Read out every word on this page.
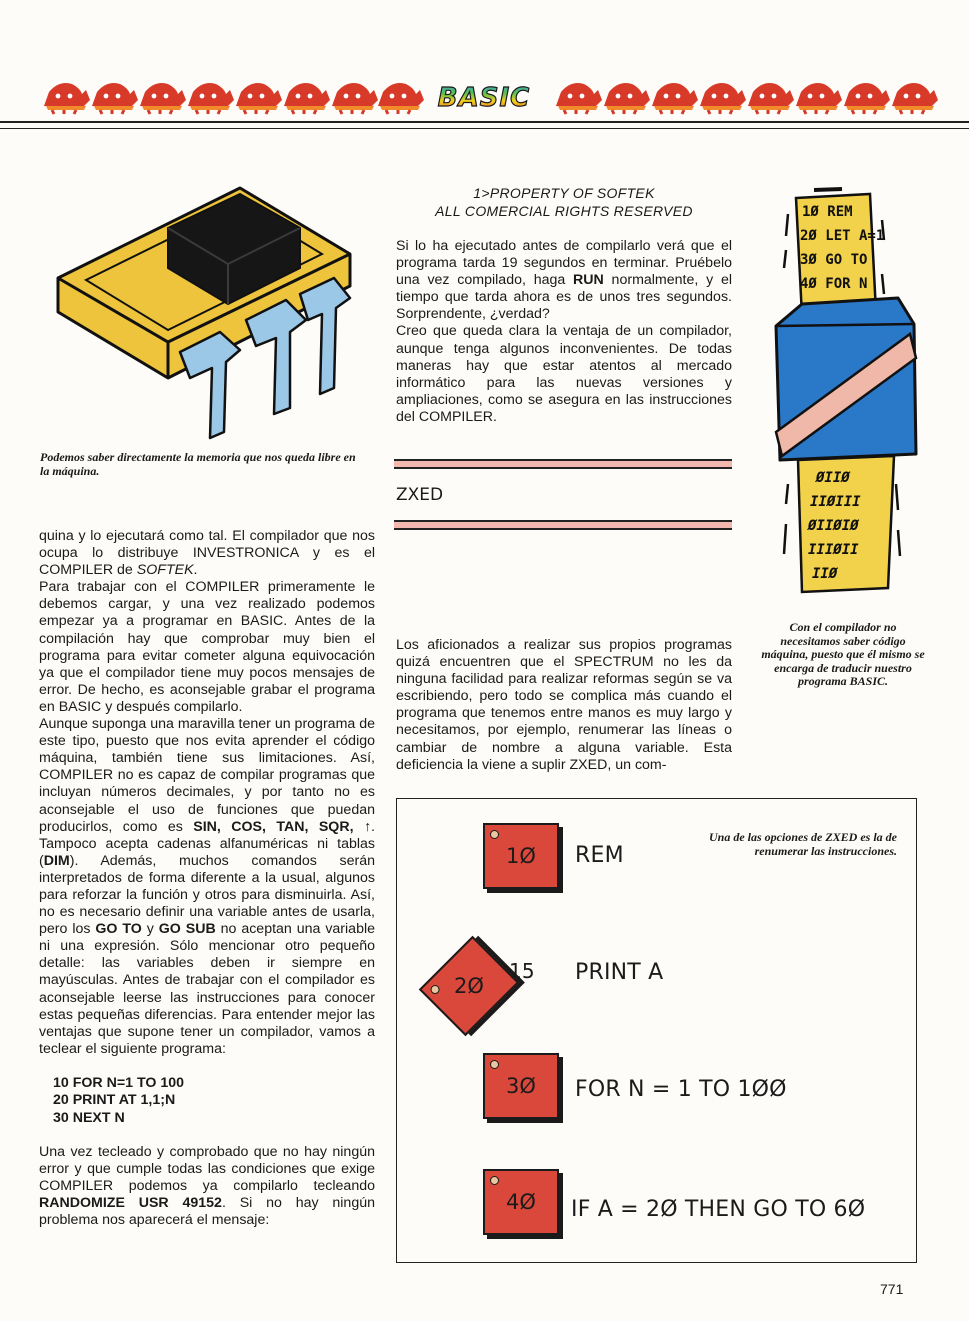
BASIC
Podemos saber directamente la memoria que nos queda libre en la máquina.

quina y lo ejecutará como tal. El compilador que nos ocupa lo distribuye INVESTRONICA y es el COMPILER de SOFTEK.

Para trabajar con el COMPILER primeramente le debemos cargar, y una vez realizado podemos empezar ya a programar en BASIC. Antes de la compilación hay que comprobar muy bien el programa para evitar cometer alguna equivocación ya que el compilador tiene muy pocos mensajes de error. De hecho, es aconsejable grabar el programa en BASIC y después compilarlo.

Aunque suponga una maravilla tener un programa de este tipo, puesto que nos evita aprender el código máquina, también tiene sus limitaciones. Así, COMPILER no es capaz de compilar programas que incluyan números decimales, y por tanto no es aconsejable el uso de funciones que puedan producirlos, como es SIN, COS, TAN, SQR, ↑. Tampoco acepta cadenas alfanuméricas ni tablas (DIM). Además, muchos comandos serán interpretados de forma diferente a la usual, algunos para reforzar la función y otros para disminuirla. Así, no es necesario definir una variable antes de usarla, pero los GO TO y GO SUB no aceptan una variable ni una expresión. Sólo mencionar otro pequeño detalle: las variables deben ir siempre en mayúsculas. Antes de trabajar con el compilador es aconsejable leerse las instrucciones para conocer estas pequeñas diferencias. Para entender mejor las ventajas que supone tener un compilador, vamos a teclear el siguiente programa:

10 FOR N=1 TO 100
20 PRINT AT 1,1;N
30 NEXT N

Una vez tecleado y comprobado que no hay ningún error y que cumple todas las condiciones que exige COMPILER podemos ya compilarlo tecleando RANDOMIZE USR 49152. Si no hay ningún problema nos aparecerá el mensaje:

1>PROPERTY OF SOFTEK
ALL COMERCIAL RIGHTS RESERVED

Si lo ha ejecutado antes de compilarlo verá que el programa tarda 19 segundos en terminar. Pruébelo una vez compilado, haga RUN normalmente, y el tiempo que tarda ahora es de unos tres segundos. Sorprendente, ¿verdad?

Creo que queda clara la ventaja de un compilador, aunque tenga algunos inconvenientes. De todas maneras hay que estar atentos al mercado informático para las nuevas versiones y ampliaciones, como se asegura en las instrucciones del COMPILER.

ZXED

Los aficionados a realizar sus propios programas quizá encuentren que el SPECTRUM no les da ninguna facilidad para realizar reformas según se va escribiendo, pero todo se complica más cuando el programa que tenemos entre manos es muy largo y necesitamos, por ejemplo, renumerar las líneas o cambiar de nombre a alguna variable. Esta deficiencia la viene a suplir ZXED, un com-

1Ø REM
2Ø LET A=1
3Ø GO TO
4Ø FOR N
ØIIØ
IIØIII
ØIIØIØ
IIIØII
IIØ
Con el compilador no necesitamos saber código máquina, puesto que él mismo se encarga de traducir nuestro programa BASIC.
Una de las opciones de ZXED es la de renumerar las instrucciones.
1Ø	REM
2Ø
15 PRINT A
3Ø	FOR N = 1 TO 1ØØ
4Ø	IF A = 2Ø THEN GO TO 6Ø
771
